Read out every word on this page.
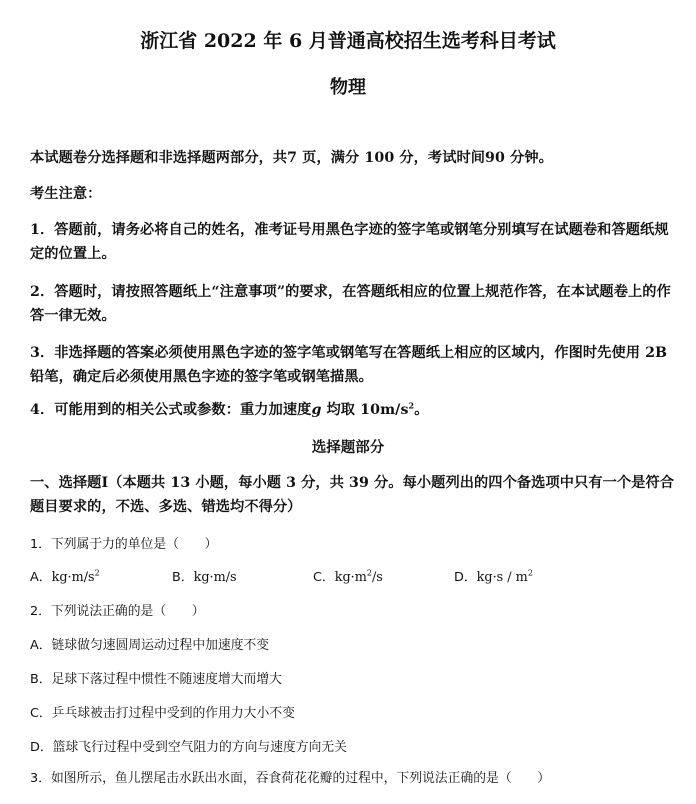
浙江省 2022 年 6 月普通高校招生选考科目考试
物理
本试题卷分选择题和非选择题两部分，共7 页，满分 100 分，考试时间90 分钟。
考生注意：
1．答题前，请务必将自己的姓名，准考证号用黑色字迹的签字笔或钢笔分别填写在试题卷和答题纸规定的位置上。
2．答题时，请按照答题纸上“注意事项”的要求，在答题纸相应的位置上规范作答，在本试题卷上的作答一律无效。
3．非选择题的答案必须使用黑色字迹的签字笔或钢笔写在答题纸上相应的区域内，作图时先使用 2B 铅笔，确定后必须使用黑色字迹的签字笔或钢笔描黑。
4．可能用到的相关公式或参数：重力加速度g 均取 $10m/s^2$。
选择题部分
一、选择题Ⅰ（本题共 13 小题，每小题 3 分，共 39 分。每小题列出的四个备选项中只有一个是符合题目要求的，不选、多选、错选均不得分）
1．下列属于力的单位是（　　）
A．$kg\cdot m/s^2$	B．kg·m/s	C．$kg\cdot m^2/s$	D．$kg\cdot s / m^2$
2．下列说法正确的是（　　）
A．链球做匀速圆周运动过程中加速度不变
B．足球下落过程中惯性不随速度增大而增大
C．乒乓球被击打过程中受到的作用力大小不变
D．篮球飞行过程中受到空气阻力的方向与速度方向无关
3．如图所示，鱼儿摆尾击水跃出水面，吞食荷花花瓣的过程中，下列说法正确的是（　　）
